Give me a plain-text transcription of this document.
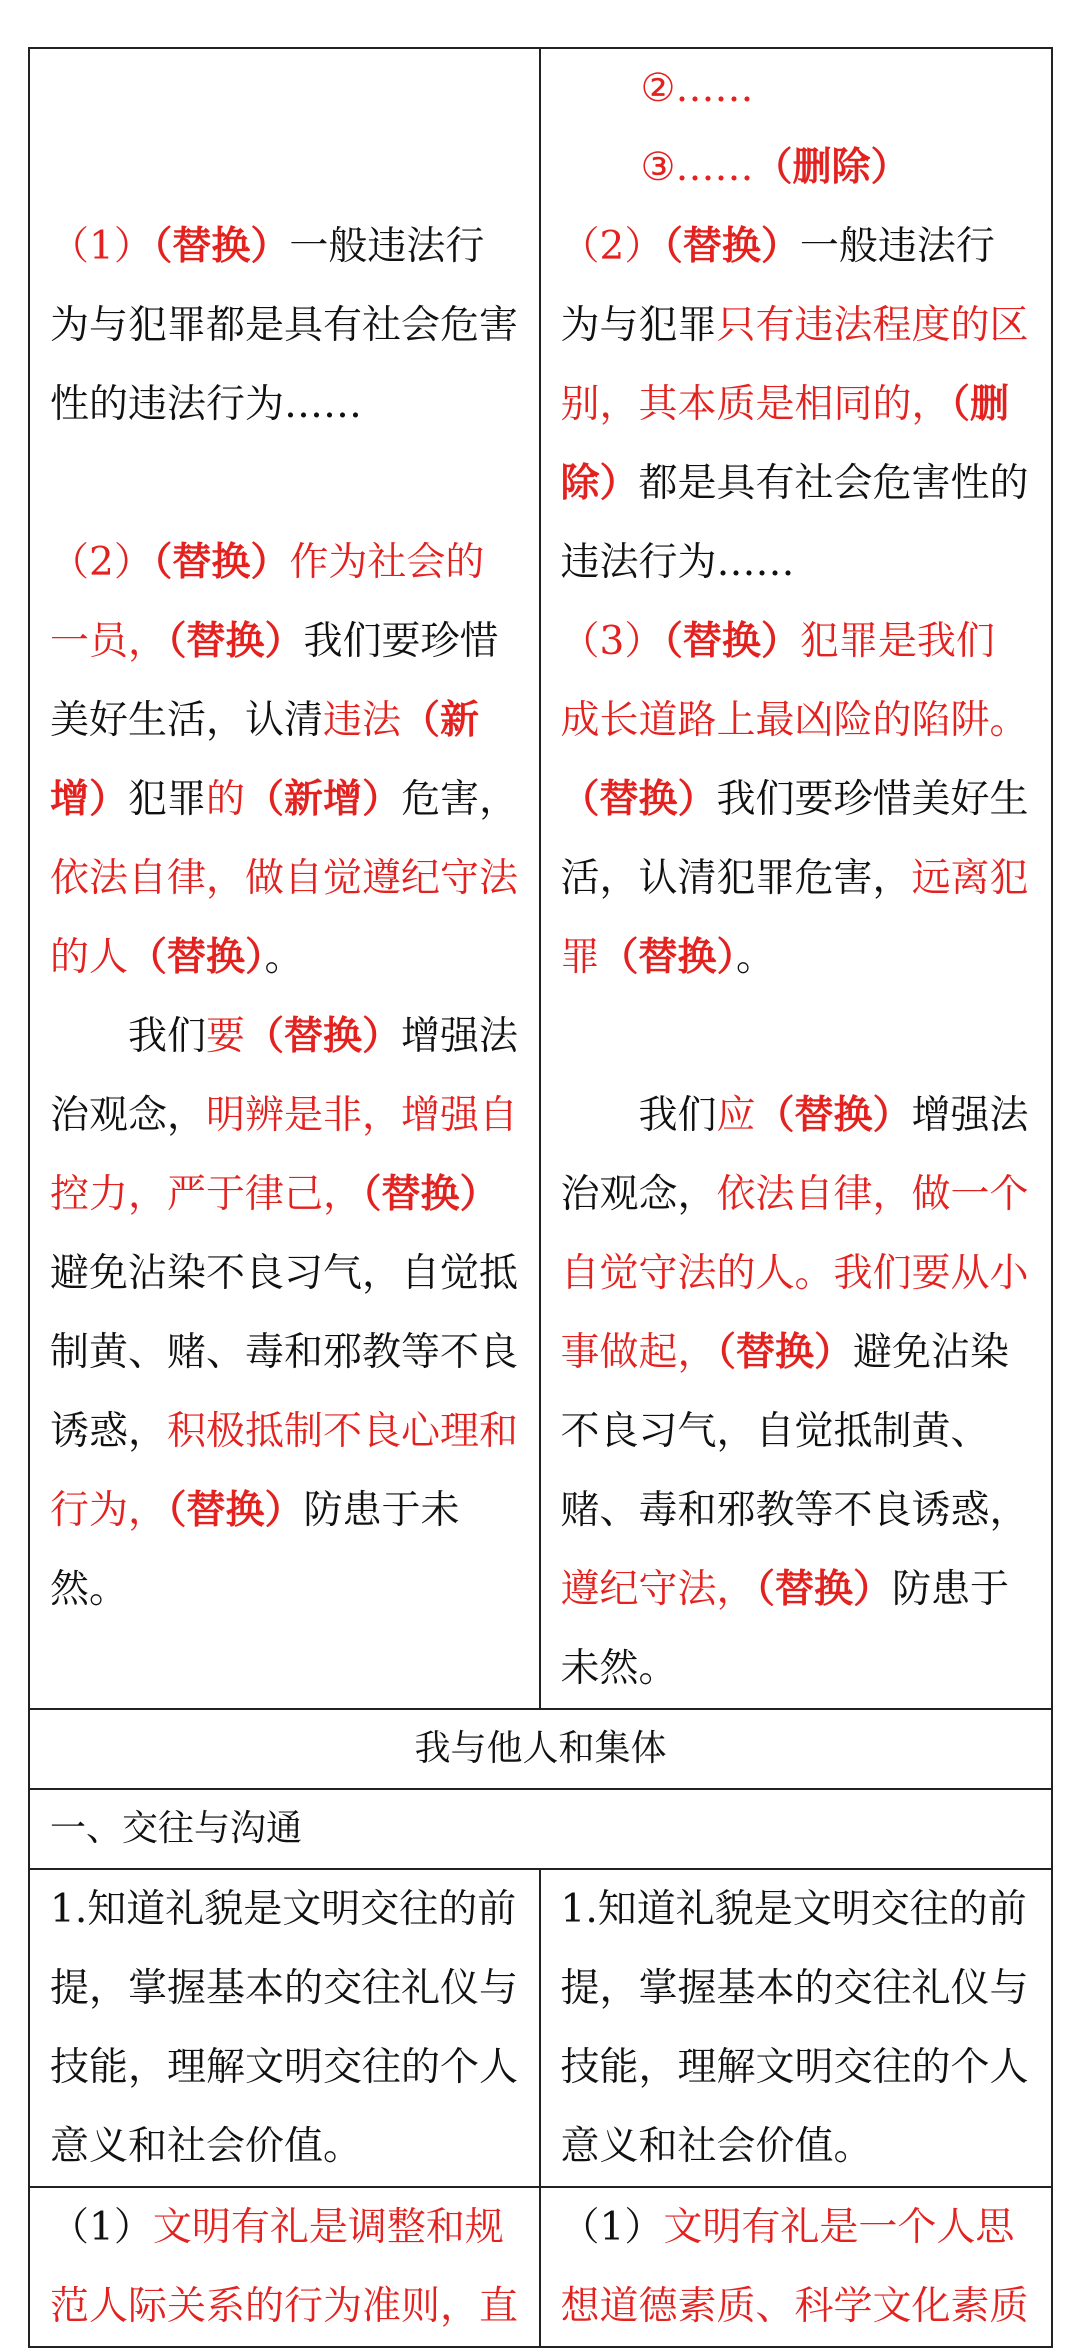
（1）（替换）一般违法行为与犯罪都是具有社会危害性的违法行为……

（2）（替换）作为社会的一员，（替换）我们要珍惜美好生活，认清违法（新增）犯罪的（新增）危害，依法自律，做自觉遵纪守法的人（替换）。

我们要（替换）增强法治观念，明辨是非，增强自控力，严于律己，（替换）避免沾染不良习气，自觉抵制黄、赌、毒和邪教等不良诱惑，积极抵制不良心理和行为，（替换）防患于未然。

②……
③……（删除）

（2）（替换）一般违法行为与犯罪只有违法程度的区别，其本质是相同的，（删除）都是具有社会危害性的违法行为……

（3）（替换）犯罪是我们成长道路上最凶险的陷阱。（替换）我们要珍惜美好生活，认清犯罪危害，远离犯罪（替换）。

我们应（替换）增强法治观念，依法自律，做一个自觉守法的人。我们要从小事做起，（替换）避免沾染不良习气，自觉抵制黄、赌、毒和邪教等不良诱惑，遵纪守法，（替换）防患于未然。

我与他人和集体
一、交往与沟通
1.知道礼貌是文明交往的前提，掌握基本的交往礼仪与技能，理解文明交往的个人意义和社会价值。
1.知道礼貌是文明交往的前提，掌握基本的交往礼仪与技能，理解文明交往的个人意义和社会价值。
（1）文明有礼是调整和规范人际关系的行为准则，直
（1）文明有礼是一个人思想道德素质、科学文化素质
